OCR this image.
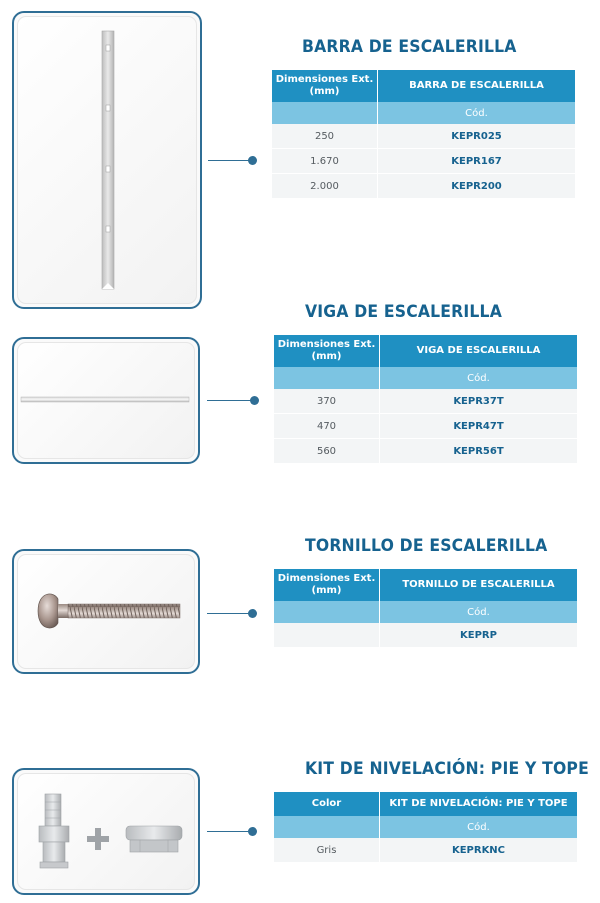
BARRA DE ESCALERILLA
Dimensiones Ext. (mm)	BARRA DE ESCALERILLA
	Cód.
250	KEPR025
1.670	KEPR167
2.000	KEPR200
VIGA DE ESCALERILLA
Dimensiones Ext. (mm)	VIGA DE ESCALERILLA
	Cód.
370	KEPR37T
470	KEPR47T
560	KEPR56T
TORNILLO DE ESCALERILLA
Dimensiones Ext. (mm)	TORNILLO DE ESCALERILLA
	Cód.
	KEPRP
KIT DE NIVELACIÓN: PIE Y TOPE
Color	KIT DE NIVELACIÓN: PIE Y TOPE
	Cód.
Gris	KEPRKNC
